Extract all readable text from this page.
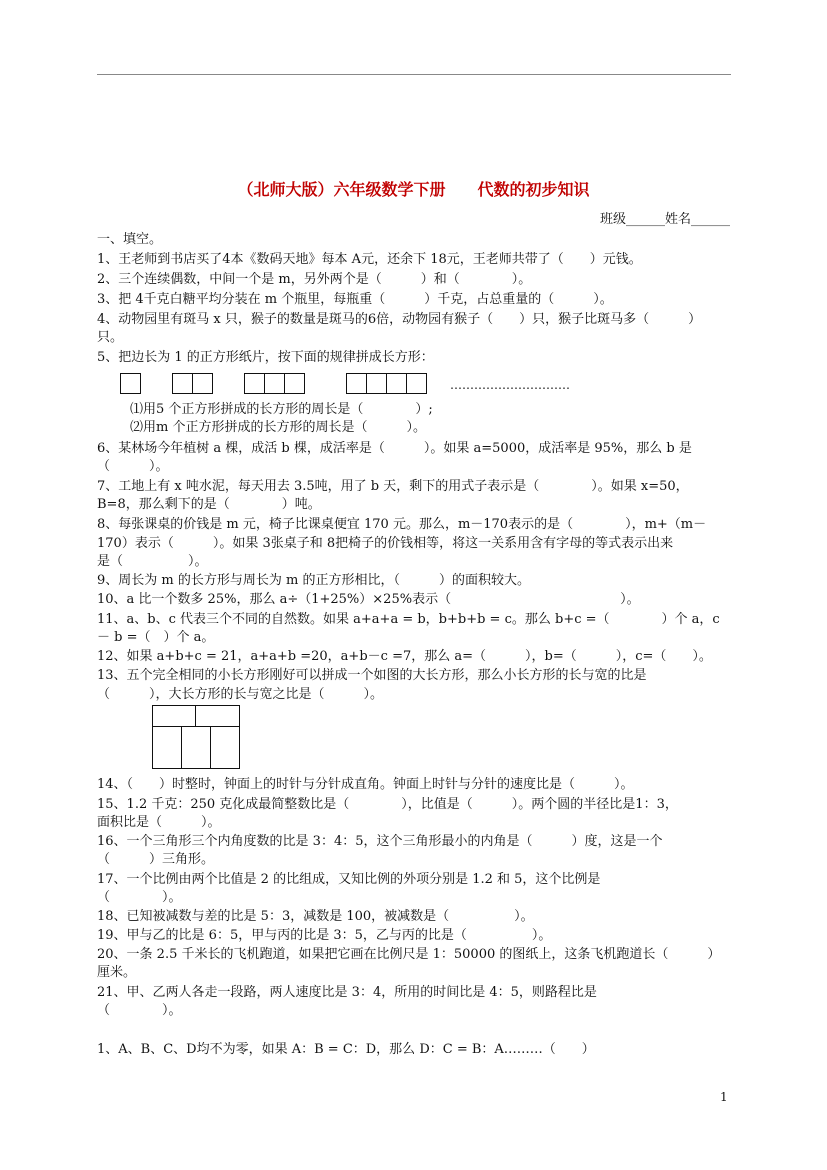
（北师大版）六年级数学下册　　代数的初步知识
班级______姓名______
一、填空。
1、王老师到书店买了4本《数码天地》每本 A元，还余下 18元，王老师共带了（　　）元钱。
2、三个连续偶数，中间一个是 m，另外两个是（　　　）和（　　　　）。
3、把 4千克白糖平均分装在 m 个瓶里，每瓶重（　　　）千克，占总重量的（　　　）。
4、动物园里有斑马 x 只，猴子的数量是斑马的6倍，动物园有猴子（　　）只，猴子比斑马多（　　　）
只。
5、把边长为 1 的正方形纸片，按下面的规律拼成长方形：
…………………………
⑴用5 个正方形拼成的长方形的周长是（　　　　）;
⑵用m 个正方形拼成的长方形的周长是（　　　）。
6、某林场今年植树 a 棵，成活 b 棵，成活率是（　　　）。如果 a=5000，成活率是 95%，那么 b 是
（　　　）。
7、工地上有 x 吨水泥，每天用去 3.5吨，用了 b 天，剩下的用式子表示是（　　　　）。如果 x=50，
B=8，那么剩下的是（　　　　）吨。
8、每张课桌的价钱是 m 元，椅子比课桌便宜 170 元。那么，m－170表示的是（　　　　），m+（m－
170）表示（　　　）。如果 3张桌子和 8把椅子的价钱相等，将这一关系用含有字母的等式表示出来
是（　　　　　）。
9、周长为 m 的长方形与周长为 m 的正方形相比，（　　　）的面积较大。
10、a 比一个数多 25%，那么 a÷（1+25%）×25%表示（　　　　　　　　　　　　　）。
11、a、b、c 代表三个不同的自然数。如果 a+a+a = b，b+b+b = c。那么 b+c =（　　　　）个 a，c
－ b =（　）个 a。
12、如果 a+b+c = 21，a+a+b =20，a+b－c =7，那么 a=（　　　），b=（　　　），c=（　　）。
13、五个完全相同的小长方形刚好可以拼成一个如图的大长方形，那么小长方形的长与宽的比是
（　　　），大长方形的长与宽之比是（　　　）。
14、（　　）时整时，钟面上的时针与分针成直角。钟面上时针与分针的速度比是（　　　）。
15、1.2 千克：250 克化成最简整数比是（　　　　），比值是（　　　）。两个圆的半径比是1：3，
面积比是（　　　）。
16、一个三角形三个内角度数的比是 3：4：5，这个三角形最小的内角是（　　　）度，这是一个
（　　　）三角形。
17、一个比例由两个比值是 2 的比组成，又知比例的外项分别是 1.2 和 5，这个比例是
（　　　　）。
18、已知被减数与差的比是 5：3，减数是 100，被减数是（　　　　　）。
19、甲与乙的比是 6：5，甲与丙的比是 3：5，乙与丙的比是（　　　　　）。
20、一条 2.5 千米长的飞机跑道，如果把它画在比例尺是 1：50000 的图纸上，这条飞机跑道长（　　　）
厘米。
21、甲、乙两人各走一段路，两人速度比是 3：4，所用的时间比是 4：5，则路程比是
（　　　　）。
1、A、B、C、D均不为零，如果 A：B = C：D，那么 D：C = B：A………（　　）
1
